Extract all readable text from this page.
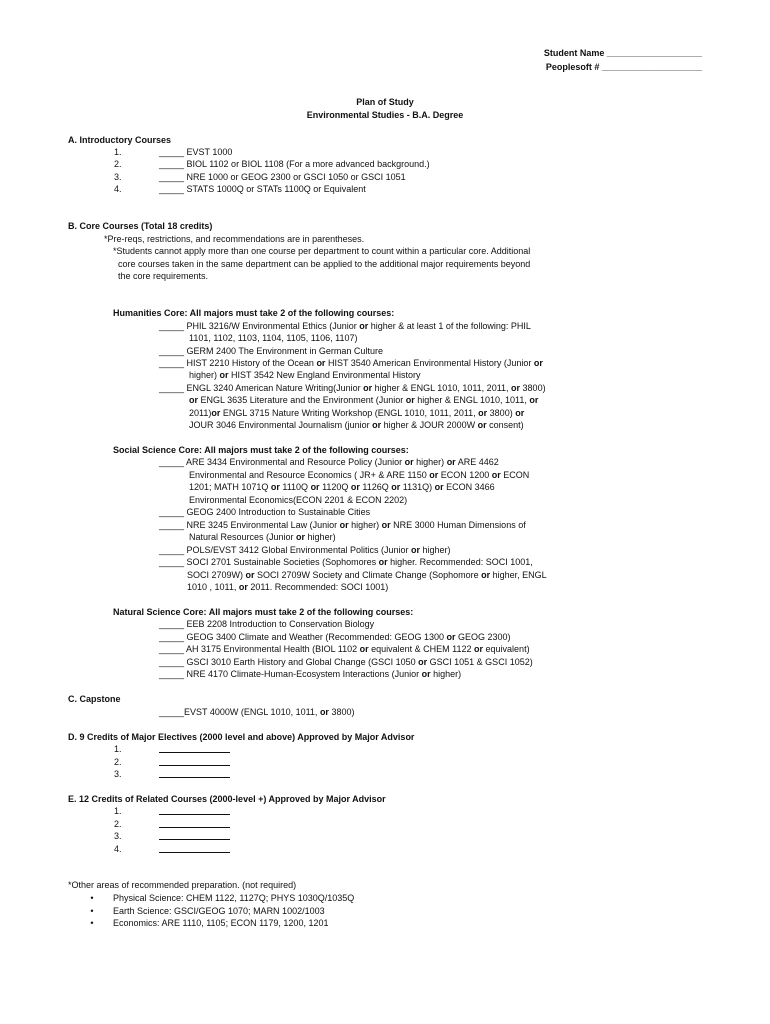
Student Name ___________________
Peoplesoft # ____________________
Plan of Study
Environmental Studies - B.A. Degree
A. Introductory Courses
1.	_____ EVST 1000
2.	_____ BIOL 1102 or BIOL 1108 (For a more advanced background.)
3.	_____ NRE 1000 or GEOG 2300 or GSCI 1050 or GSCI 1051
4.	_____ STATS 1000Q or STATs 1100Q or Equivalent
B. Core Courses (Total 18 credits)
*Pre-reqs, restrictions, and recommendations are in parentheses.
*Students cannot apply more than one course per department to count within a particular core. Additional
core courses taken in the same department can be applied to the additional major requirements beyond
the core requirements.
Humanities Core: All majors must take 2 of the following courses:
_____ PHIL 3216/W Environmental Ethics (Junior or higher & at least 1 of the following: PHIL
1101, 1102, 1103, 1104, 1105, 1106, 1107)
_____ GERM 2400 The Environment in German Culture
_____ HIST 2210 History of the Ocean or HIST 3540 American Environmental History (Junior or
higher) or HIST 3542 New England Environmental History
_____ ENGL 3240 American Nature Writing(Junior or higher & ENGL 1010, 1011, 2011, or 3800)
or ENGL 3635 Literature and the Environment (Junior or higher & ENGL 1010, 1011, or
2011)or ENGL 3715 Nature Writing Workshop (ENGL 1010, 1011, 2011, or 3800) or
JOUR 3046 Environmental Journalism (junior or higher & JOUR 2000W or consent)
Social Science Core: All majors must take 2 of the following courses:
_____ ARE 3434 Environmental and Resource Policy (Junior or higher) or ARE 4462
Environmental and Resource Economics ( JR+ & ARE 1150 or ECON 1200 or ECON
1201; MATH 1071Q or 1110Q or 1120Q or 1126Q or 1131Q) or ECON 3466
Environmental Economics(ECON 2201 & ECON 2202)
_____ GEOG 2400 Introduction to Sustainable Cities
_____ NRE 3245 Environmental Law (Junior or higher) or NRE 3000 Human Dimensions of
Natural Resources (Junior or higher)
_____ POLS/EVST 3412 Global Environmental Politics (Junior or higher)
_____ SOCI 2701 Sustainable Societies (Sophomores or higher. Recommended: SOCI 1001,
SOCI 2709W) or SOCI 2709W Society and Climate Change (Sophomore or higher, ENGL
1010 , 1011, or 2011. Recommended: SOCI 1001)
Natural Science Core: All majors must take 2 of the following courses:
_____ EEB 2208 Introduction to Conservation Biology
_____ GEOG 3400 Climate and Weather (Recommended: GEOG 1300 or GEOG 2300)
_____ AH 3175 Environmental Health (BIOL 1102 or equivalent & CHEM 1122 or equivalent)
_____ GSCI 3010 Earth History and Global Change (GSCI 1050 or GSCI 1051 & GSCI 1052)
_____ NRE 4170 Climate-Human-Ecosystem Interactions (Junior or higher)
C. Capstone
_____EVST 4000W (ENGL 1010, 1011, or 3800)
D. 9 Credits of Major Electives (2000 level and above) Approved by Major Advisor
1.
2.
3.
E. 12 Credits of Related Courses (2000-level +) Approved by Major Advisor
1.
2.
3.
4.
*Other areas of recommended preparation. (not required)
•	Physical Science: CHEM 1122, 1127Q; PHYS 1030Q/1035Q
•	Earth Science: GSCI/GEOG 1070; MARN 1002/1003
•	Economics: ARE 1110, 1105; ECON 1179, 1200, 1201
